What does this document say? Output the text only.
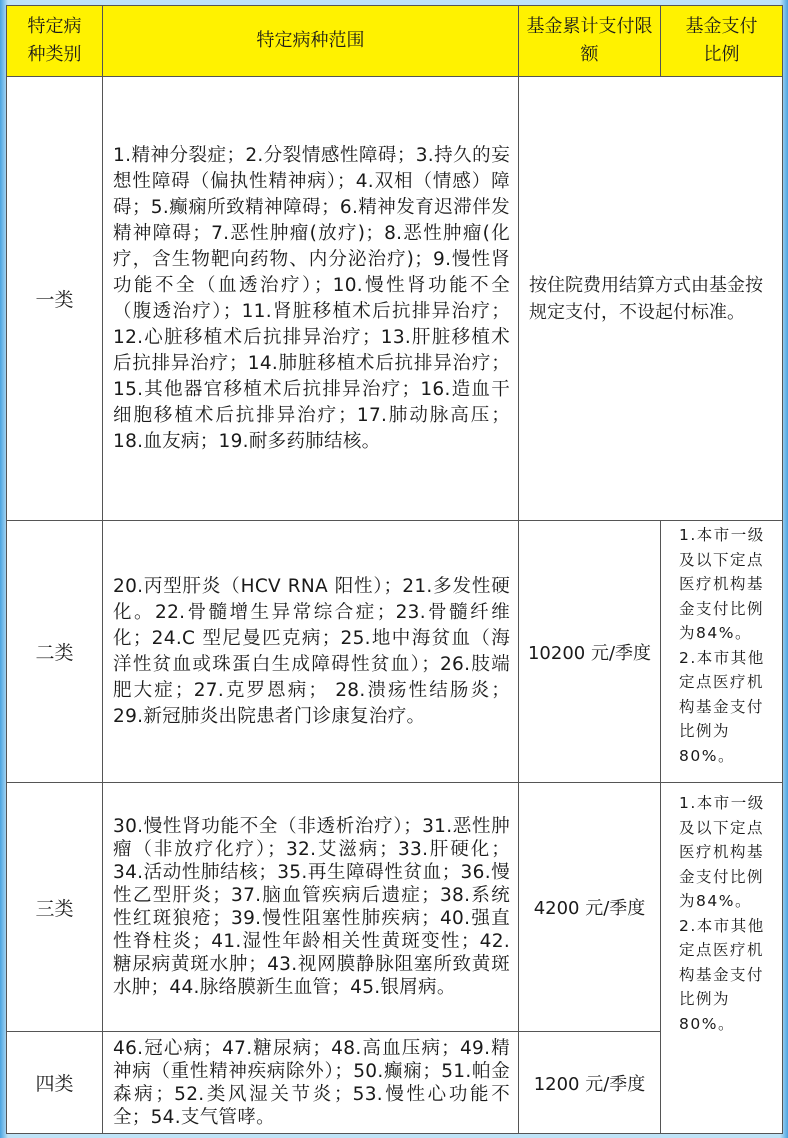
特定病种类别	特定病种范围	基金累计支付限额	基金支付比例

一类	1.精神分裂症；2.分裂情感性障碍；3.持久的妄想性障碍（偏执性精神病）；4.双相（情感）障碍；5.癫痫所致精神障碍；6.精神发育迟滞伴发精神障碍；7.恶性肿瘤(放疗)；8.恶性肿瘤(化疗，含生物靶向药物、内分泌治疗)；9.慢性肾功能不全（血透治疗）；10.慢性肾功能不全（腹透治疗）；11.肾脏移植术后抗排异治疗；12.心脏移植术后抗排异治疗；13.肝脏移植术后抗排异治疗；14.肺脏移植术后抗排异治疗；15.其他器官移植术后抗排异治疗；16.造血干细胞移植术后抗排异治疗；17.肺动脉高压；18.血友病；19.耐多药肺结核。	按住院费用结算方式由基金按规定支付，不设起付标准。	
二类	20.丙型肝炎（HCV RNA 阳性）；21.多发性硬化。22.骨髓增生异常综合症；23.骨髓纤维化；24.C 型尼曼匹克病；25.地中海贫血（海洋性贫血或珠蛋白生成障碍性贫血）；26.肢端肥大症；27.克罗恩病； 28.溃疡性结肠炎；29.新冠肺炎出院患者门诊康复治疗。	10200 元/季度	1.本市一级及以下定点医疗机构基金支付比例为84%。

2.本市其他定点医疗机构基金支付比例为 80%。

三类	30.慢性肾功能不全（非透析治疗）；31.恶性肿瘤（非放疗化疗）；32.艾滋病；33.肝硬化；34.活动性肺结核；35.再生障碍性贫血；36.慢性乙型肝炎；37.脑血管疾病后遗症；38.系统性红斑狼疮；39.慢性阻塞性肺疾病；40.强直性脊柱炎；41.湿性年龄相关性黄斑变性；42.糖尿病黄斑水肿；43.视网膜静脉阻塞所致黄斑水肿；44.脉络膜新生血管；45.银屑病。	4200 元/季度	1.本市一级及以下定点医疗机构基金支付比例为84%。

2.本市其他定点医疗机构基金支付比例为 80%。

四类	46.冠心病；47.糖尿病；48.高血压病；49.精神病（重性精神疾病除外）；50.癫痫；51.帕金森病；52.类风湿关节炎；53.慢性心功能不全；54.支气管哮。	1200 元/季度	
